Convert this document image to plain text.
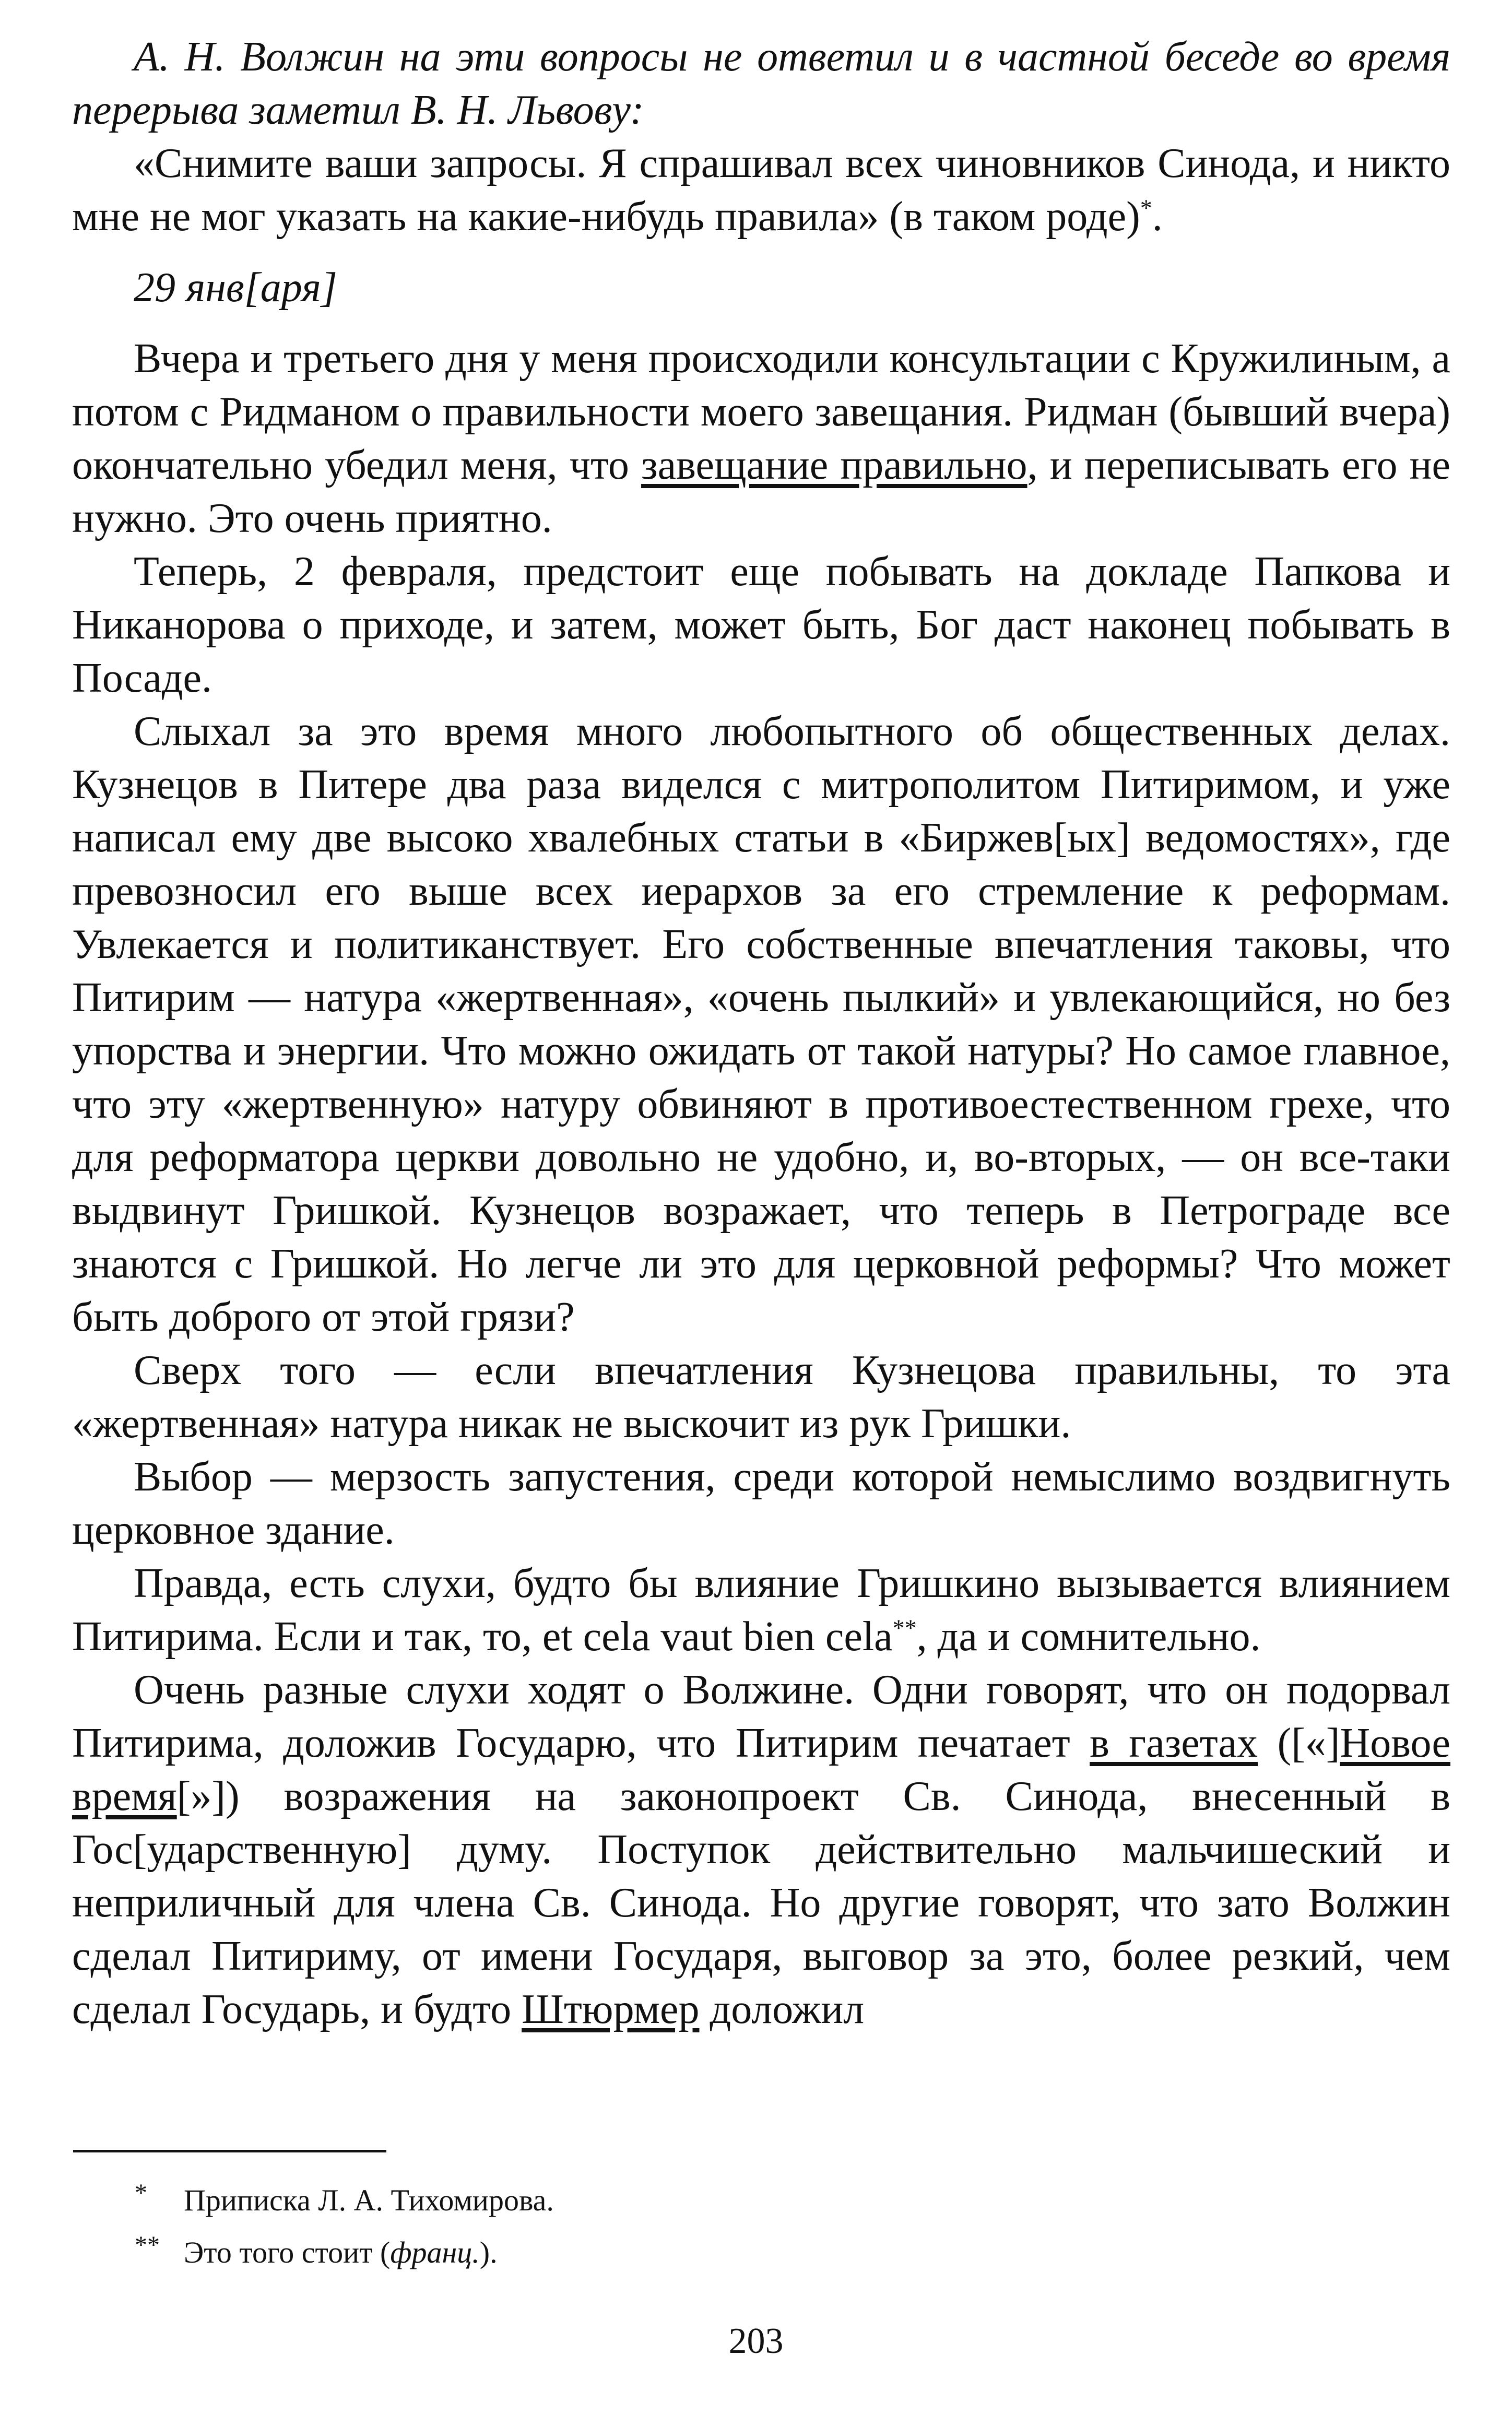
А. Н. Волжин на эти вопросы не ответил и в частной беседе во время перерыва заметил В. Н. Львову:

«Снимите ваши запросы. Я спрашивал всех чиновников Синода, и никто мне не мог указать на какие-нибудь правила» (в таком роде)*.

29 янв[аря]

Вчера и третьего дня у меня происходили консультации с Кружилиным, а потом с Ридманом о правильности моего завещания. Ридман (бывший вчера) окончательно убедил меня, что завещание правильно, и переписывать его не нужно. Это очень приятно.

Теперь, 2 февраля, предстоит еще побывать на докладе Папкова и Никанорова о приходе, и затем, может быть, Бог даст наконец побывать в Посаде.

Слыхал за это время много любопытного об общественных делах. Кузнецов в Питере два раза виделся с митрополитом Питиримом, и уже написал ему две высоко хвалебных статьи в «Биржев[ых] ведомостях», где превозносил его выше всех иерархов за его стремление к реформам. Увлекается и политиканствует. Его собственные впечатления таковы, что Питирим — натура «жертвенная», «очень пылкий» и увлекающийся, но без упорства и энергии. Что можно ожидать от такой натуры? Но самое главное, что эту «жертвенную» натуру обвиняют в противоестественном грехе, что для реформатора церкви довольно не удобно, и, во-вторых, — он все-таки выдвинут Гришкой. Кузнецов возражает, что теперь в Петрограде все знаются с Гришкой. Но легче ли это для церковной реформы? Что может быть доброго от этой грязи?

Сверх того — если впечатления Кузнецова правильны, то эта «жертвенная» натура никак не выскочит из рук Гришки.

Выбор — мерзость запустения, среди которой немыслимо воздвигнуть церковное здание.

Правда, есть слухи, будто бы влияние Гришкино вызывается влиянием Питирима. Если и так, то, et cela vaut bien cela**, да и сомнительно.

Очень разные слухи ходят о Волжине. Одни говорят, что он подорвал Питирима, доложив Государю, что Питирим печатает в газетах ([«]Новое время[»]) возражения на законопроект Св. Синода, внесенный в Гос[ударственную] думу. Поступок действительно мальчишеский и неприличный для члена Св. Синода. Но другие говорят, что зато Волжин сделал Питириму, от имени Государя, выговор за это, более резкий, чем сделал Государь, и будто Штюрмер доложил

* Приписка Л. А. Тихомирова.
** Это того стоит (франц.).
203
